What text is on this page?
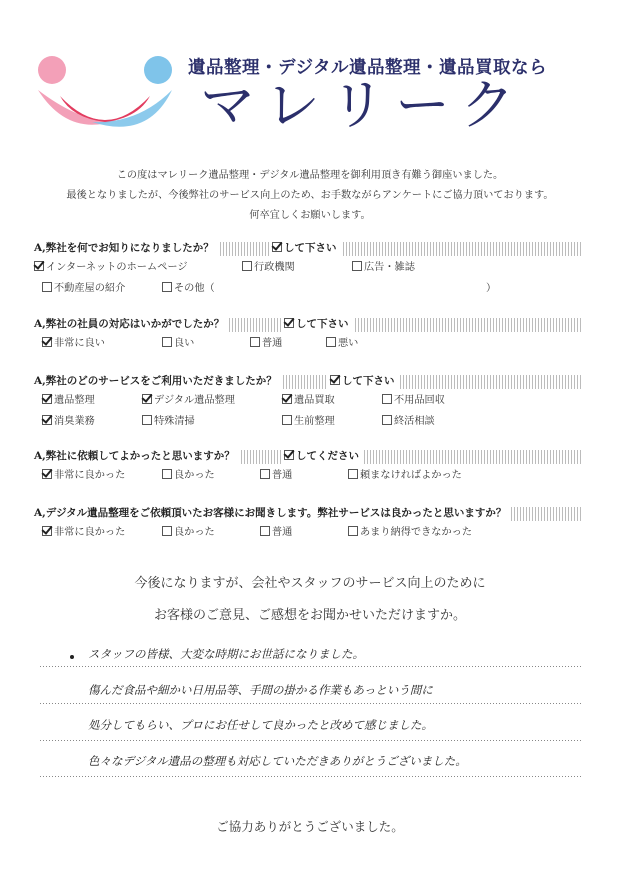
遺品整理・デジタル遺品整理・遺品買取なら
マレリーク

この度はマレリーク遺品整理・デジタル遺品整理を御利用頂き有難う御座いました。

最後となりましたが、今後弊社のサービス向上のため、お手数ながらアンケートにご協力頂いております。

何卒宜しくお願いします。

A,弊社を何でお知りになりましたか？	して下さい
インターネットのホームページ	行政機関	広告・雑誌
不動産屋の紹介	その他（	）
A,弊社の社員の対応はいかがでしたか？	して下さい
非常に良い	良い	普通	悪い
A,弊社のどのサービスをご利用いただきましたか？	して下さい
遺品整理	デジタル遺品整理	遺品買取	不用品回収
消臭業務	特殊清掃	生前整理	終活相談
A,弊社に依頼してよかったと思いますか？	してください
非常に良かった	良かった	普通	頼まなければよかった
A,デジタル遺品整理をご依頼頂いたお客様にお聞きします。弊社サービスは良かったと思いますか？
非常に良かった	良かった	普通	あまり納得できなかった
今後になりますが、会社やスタッフのサービス向上のために
お客様のご意見、ご感想をお聞かせいただけますか。
スタッフの皆様、大変な時期にお世話になりました。
傷んだ食品や細かい日用品等、手間の掛かる作業もあっという間に
処分してもらい、プロにお任せして良かったと改めて感じました。
色々なデジタル遺品の整理も対応していただきありがとうございました。
ご協力ありがとうございました。
